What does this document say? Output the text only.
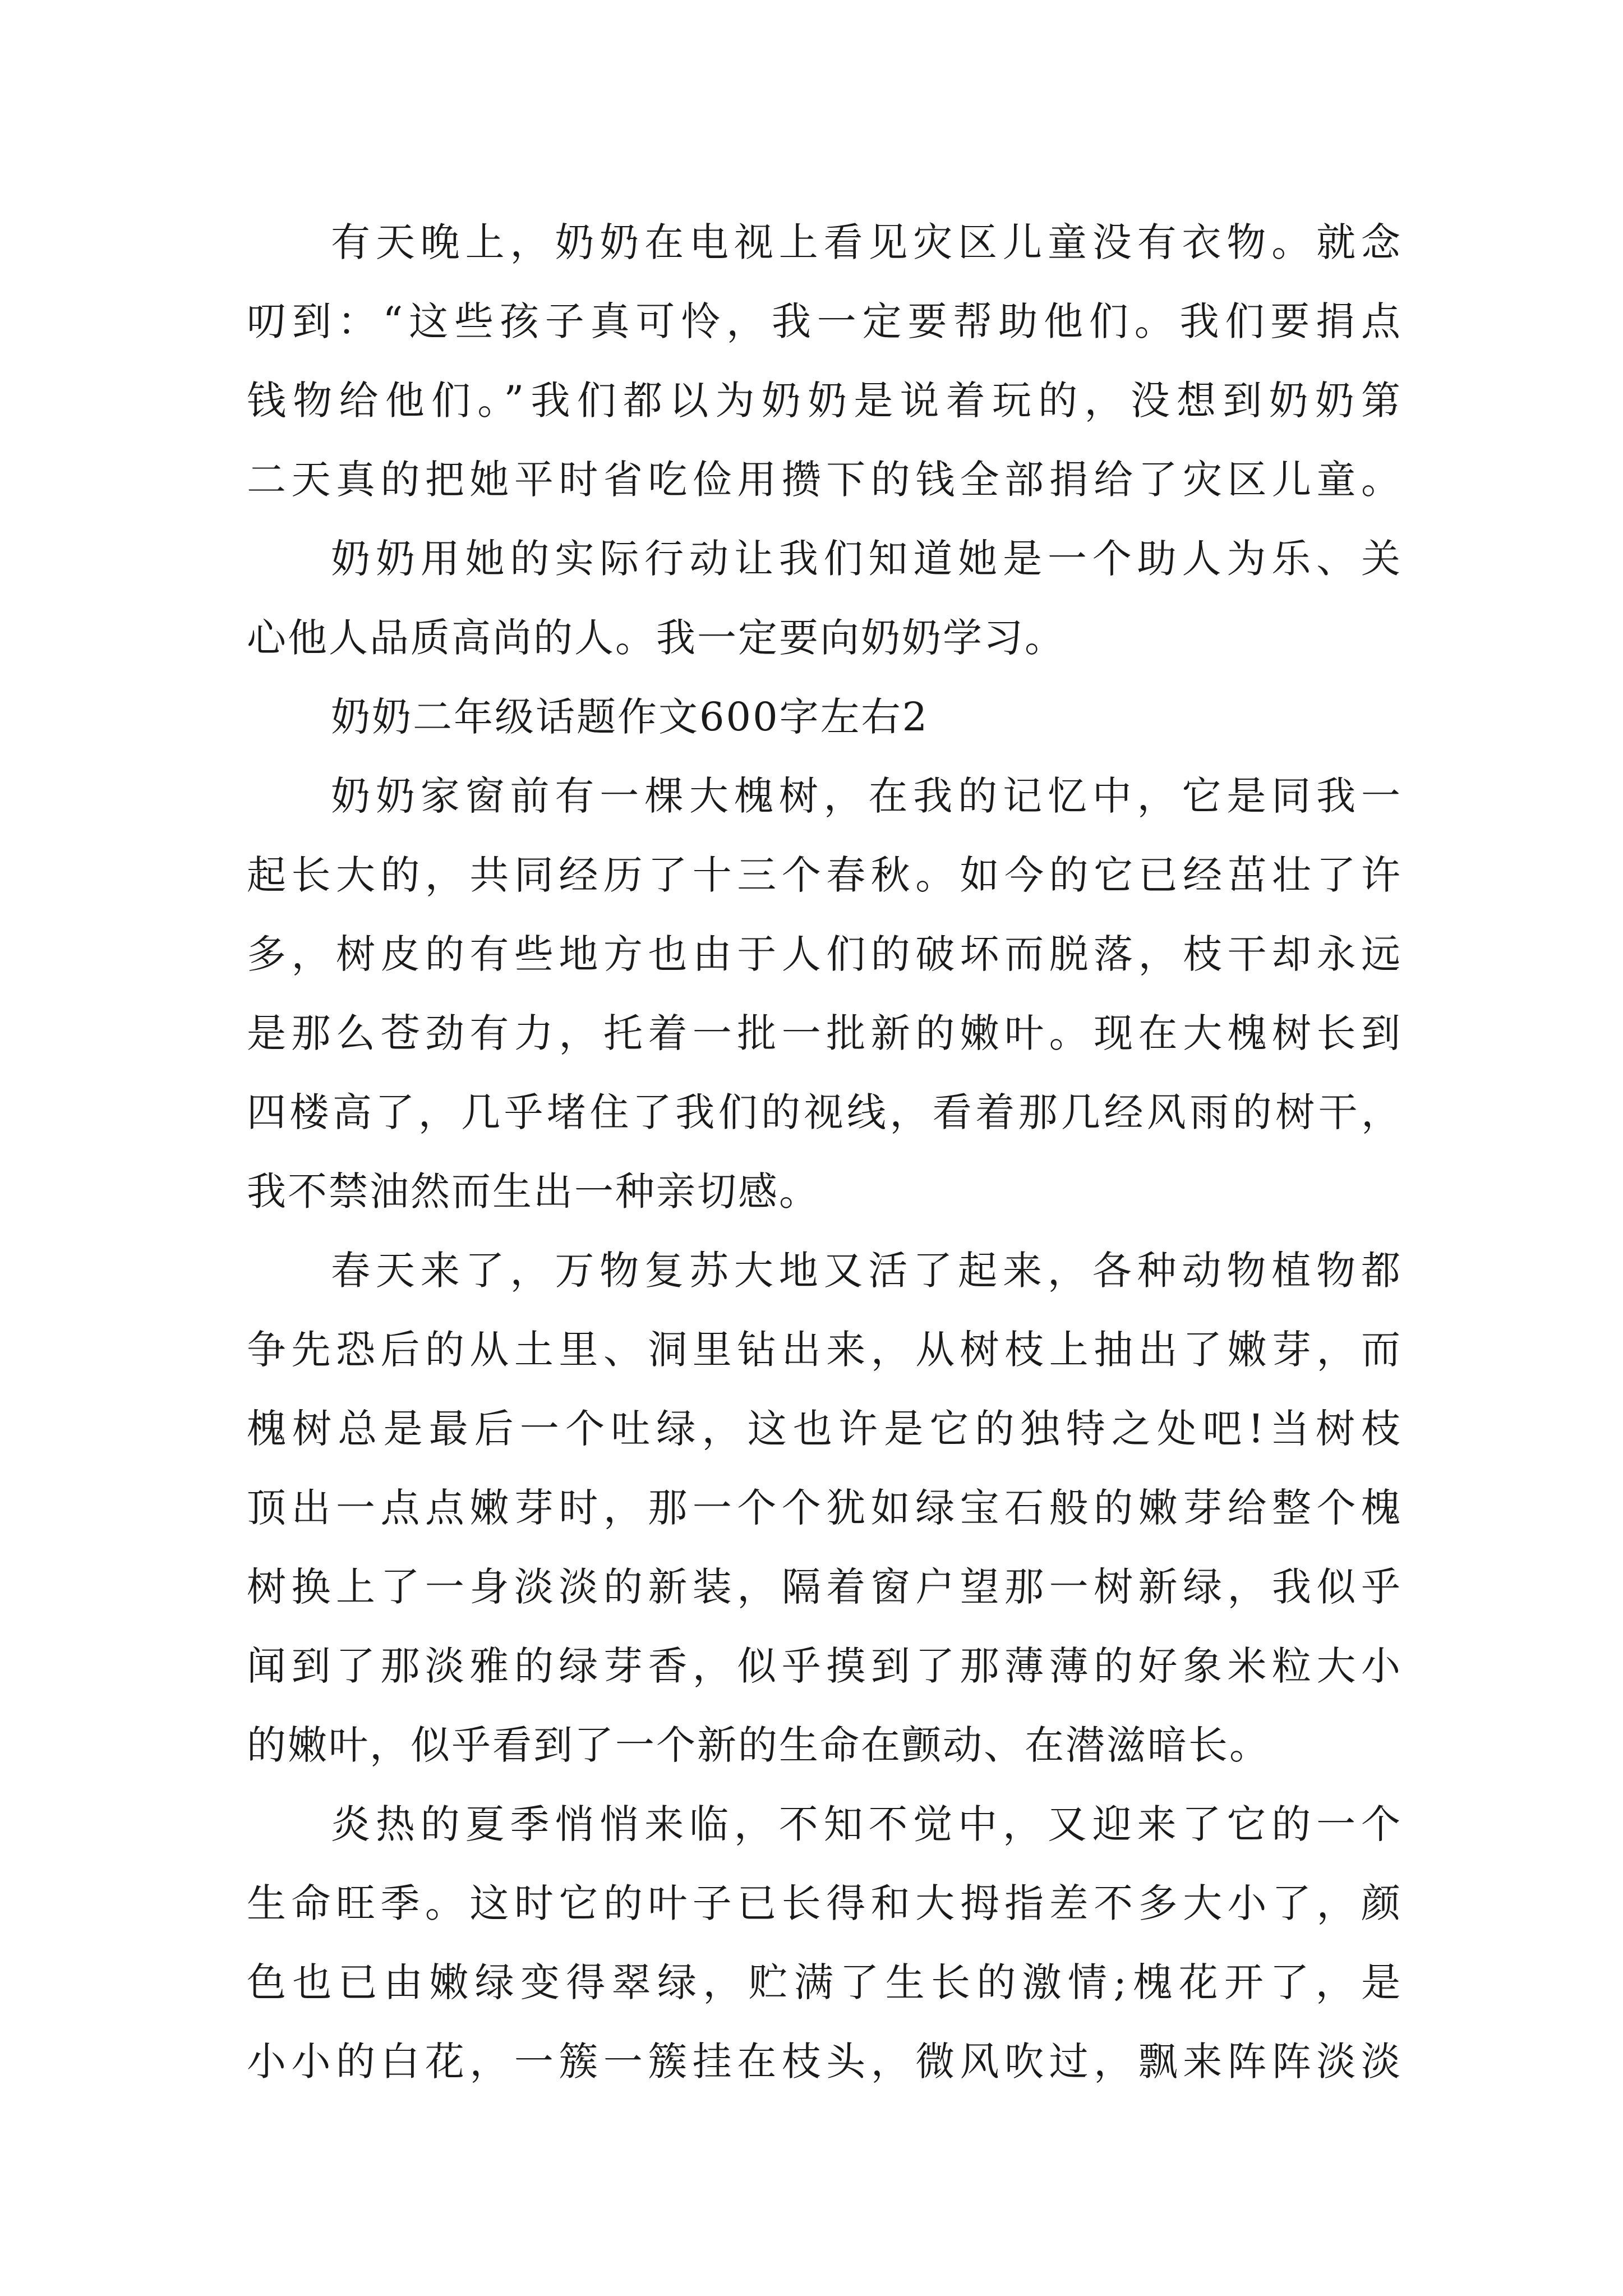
有天晚上，奶奶在电视上看见灾区儿童没有衣物。就念
叨到：“这些孩子真可怜，我一定要帮助他们。我们要捐点
钱物给他们。”我们都以为奶奶是说着玩的，没想到奶奶第
二天真的把她平时省吃俭用攒下的钱全部捐给了灾区儿童。
奶奶用她的实际行动让我们知道她是一个助人为乐、关
心他人品质高尚的人。我一定要向奶奶学习。
奶奶二年级话题作文600字左右2
奶奶家窗前有一棵大槐树，在我的记忆中，它是同我一
起长大的，共同经历了十三个春秋。如今的它已经茁壮了许
多，树皮的有些地方也由于人们的破坏而脱落，枝干却永远
是那么苍劲有力，托着一批一批新的嫩叶。现在大槐树长到
四楼高了，几乎堵住了我们的视线，看着那几经风雨的树干，
我不禁油然而生出一种亲切感。
春天来了，万物复苏大地又活了起来，各种动物植物都
争先恐后的从土里、洞里钻出来，从树枝上抽出了嫩芽，而
槐树总是最后一个吐绿，这也许是它的独特之处吧!当树枝
顶出一点点嫩芽时，那一个个犹如绿宝石般的嫩芽给整个槐
树换上了一身淡淡的新装，隔着窗户望那一树新绿，我似乎
闻到了那淡雅的绿芽香，似乎摸到了那薄薄的好象米粒大小
的嫩叶，似乎看到了一个新的生命在颤动、在潜滋暗长。
炎热的夏季悄悄来临，不知不觉中，又迎来了它的一个
生命旺季。这时它的叶子已长得和大拇指差不多大小了，颜
色也已由嫩绿变得翠绿，贮满了生长的激情;槐花开了，是
小小的白花，一簇一簇挂在枝头，微风吹过，飘来阵阵淡淡
